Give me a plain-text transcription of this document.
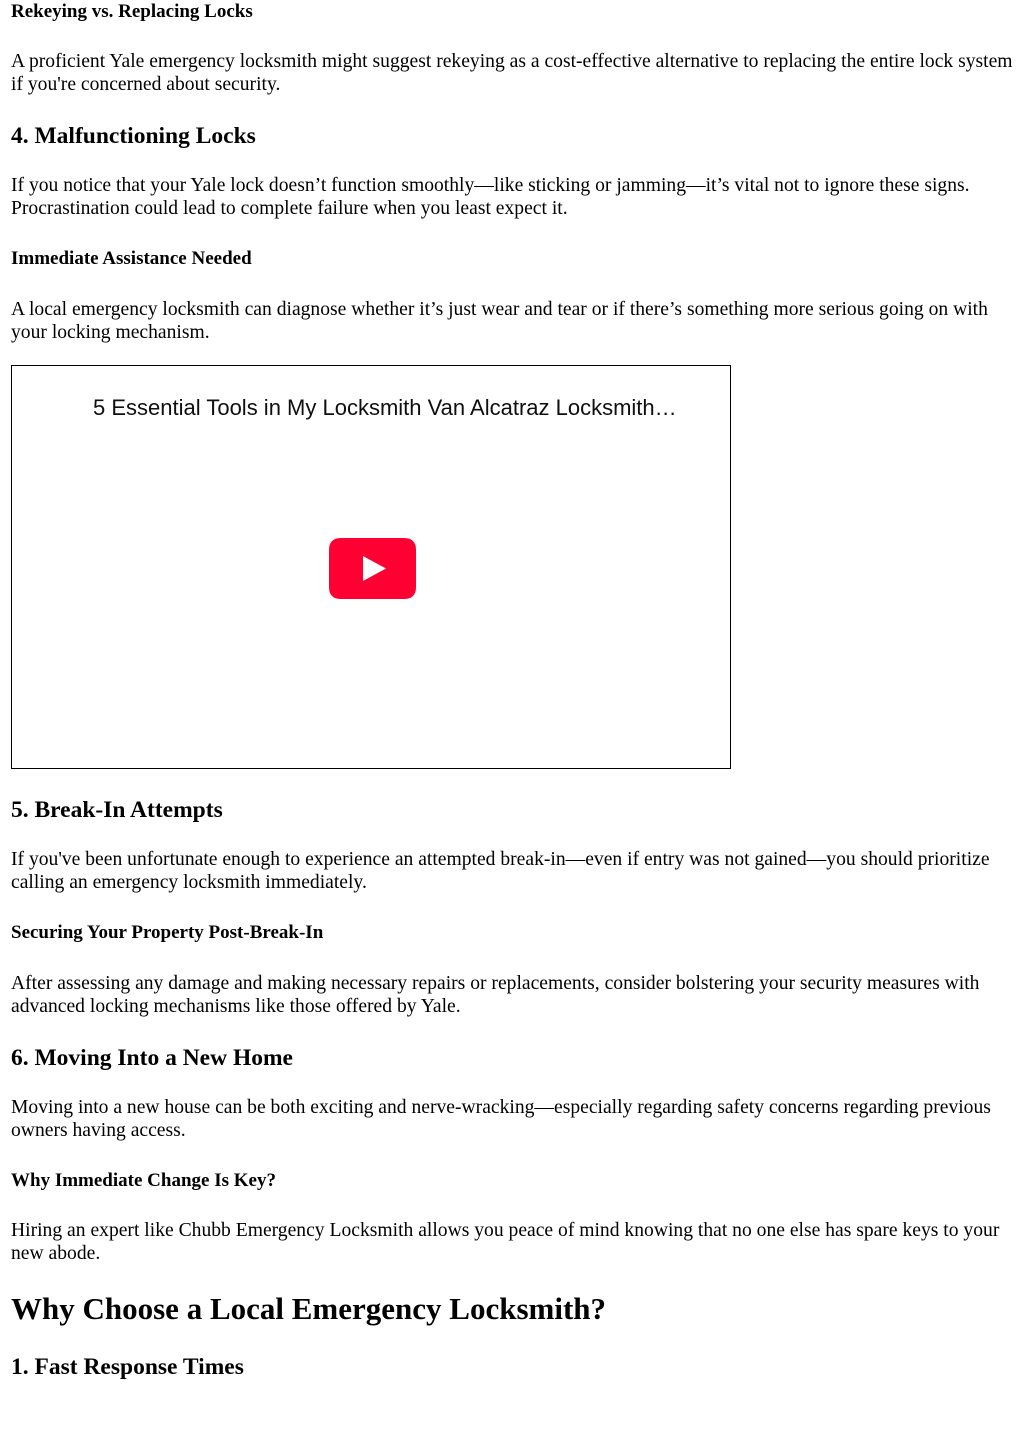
Rekeying vs. Replacing Locks

A proficient Yale emergency locksmith might suggest rekeying as a cost-effective alternative to replacing the entire lock system if you're concerned about security.

4. Malfunctioning Locks

If you notice that your Yale lock doesn’t function smoothly—like sticking or jamming—it’s vital not to ignore these signs. Procrastination could lead to complete failure when you least expect it.

Immediate Assistance Needed

A local emergency locksmith can diagnose whether it’s just wear and tear or if there’s something more serious going on with your locking mechanism.

5 Essential Tools in My Locksmith Van Alcatraz Locksmith…
5. Break-In Attempts

If you've been unfortunate enough to experience an attempted break-in—even if entry was not gained—you should prioritize calling an emergency locksmith immediately.

Securing Your Property Post-Break-In

After assessing any damage and making necessary repairs or replacements, consider bolstering your security measures with advanced locking mechanisms like those offered by Yale.

6. Moving Into a New Home

Moving into a new house can be both exciting and nerve-wracking—especially regarding safety concerns regarding previous owners having access.

Why Immediate Change Is Key?

Hiring an expert like Chubb Emergency Locksmith allows you peace of mind knowing that no one else has spare keys to your new abode.

Why Choose a Local Emergency Locksmith?
1. Fast Response Times
